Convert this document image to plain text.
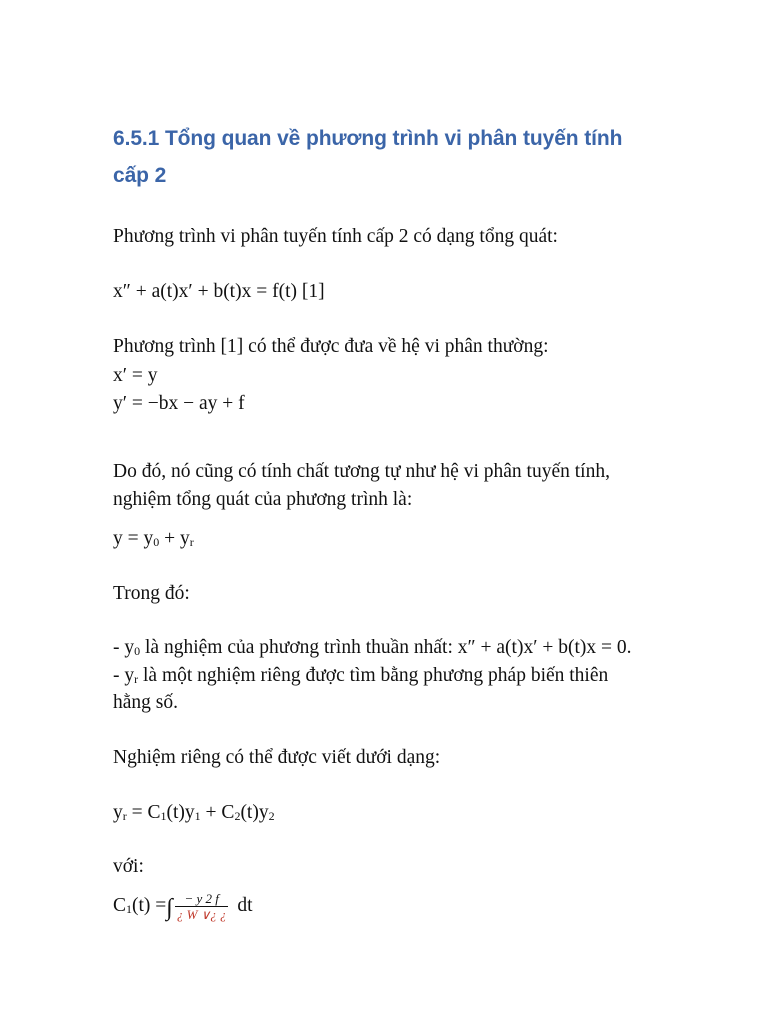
6.5.1 Tổng quan về phương trình vi phân tuyến tính
cấp 2
Phương trình vi phân tuyến tính cấp 2 có dạng tổng quát:
x″ + a(t)x′ + b(t)x = f(t) [1]
Phương trình [1] có thể được đưa về hệ vi phân thường:
x′ = y
y′ = −bx − ay + f
Do đó, nó cũng có tính chất tương tự như hệ vi phân tuyến tính,
nghiệm tổng quát của phương trình là:
$y = y_0 + y_r$
Trong đó:
- $y_0$ là nghiệm của phương trình thuần nhất: x″ + a(t)x′ + b(t)x = 0.
- $y_r$ là một nghiệm riêng được tìm bằng phương pháp biến thiên
hằng số.
Nghiệm riêng có thể được viết dưới dạng:
$y_r = C_1(t)y_1 + C_2(t)y_2$
với:
$C_1(t)$ =∫ $\frac{- y 2 f}{¿ W \vee¿ ¿}$ dt
